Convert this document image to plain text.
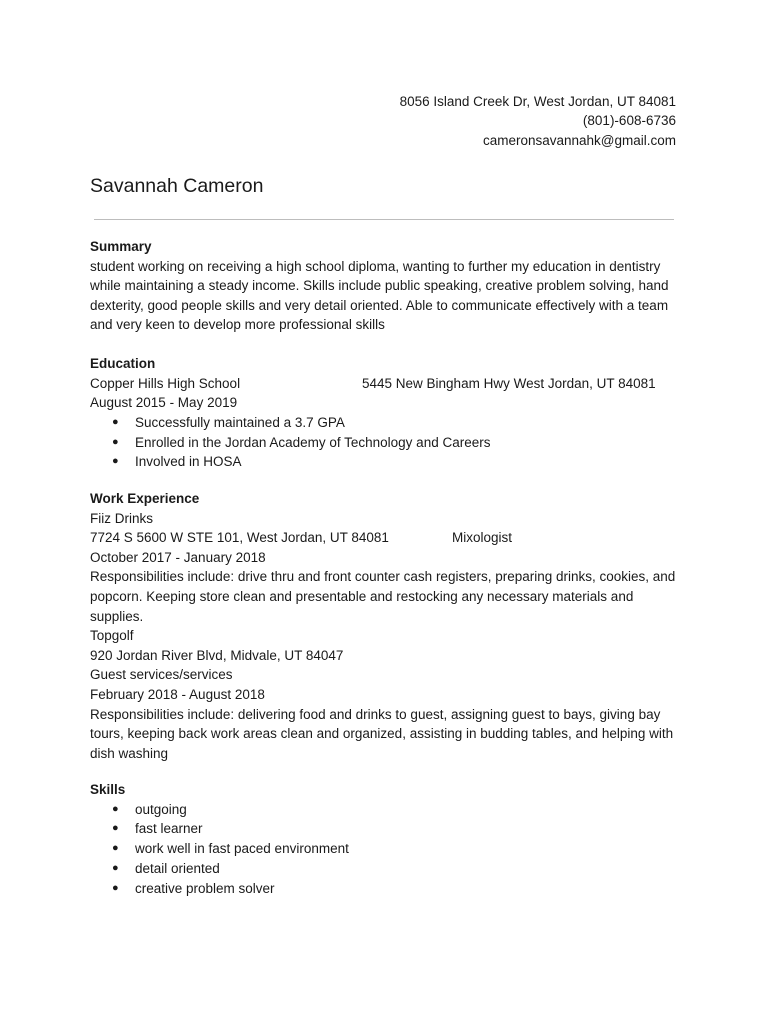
8056 Island Creek Dr, West Jordan, UT 84081
(801)-608-6736
cameronsavannahk@gmail.com
Savannah Cameron
Summary

student working on receiving a high school diploma, wanting to further my education in dentistry while maintaining a steady income. Skills include public speaking, creative problem solving, hand dexterity, good people skills and very detail oriented. Able to communicate effectively with a team and very keen to develop more professional skills

Education
Copper Hills High School	5445 New Bingham Hwy West Jordan, UT 84081
August 2015 - May 2019
● Successfully maintained a 3.7 GPA
● Enrolled in the Jordan Academy of Technology and Careers
● Involved in HOSA
Work Experience
Fiiz Drinks
7724 S 5600 W STE 101, West Jordan, UT 84081	Mixologist
October 2017 - January 2018

Responsibilities include: drive thru and front counter cash registers, preparing drinks, cookies, and popcorn. Keeping store clean and presentable and restocking any necessary materials and supplies.

Topgolf
920 Jordan River Blvd, Midvale, UT 84047
Guest services/services
February 2018 - August 2018

Responsibilities include: delivering food and drinks to guest, assigning guest to bays, giving bay tours, keeping back work areas clean and organized, assisting in budding tables, and helping with dish washing

Skills
● outgoing
● fast learner
● work well in fast paced environment
● detail oriented
● creative problem solver
